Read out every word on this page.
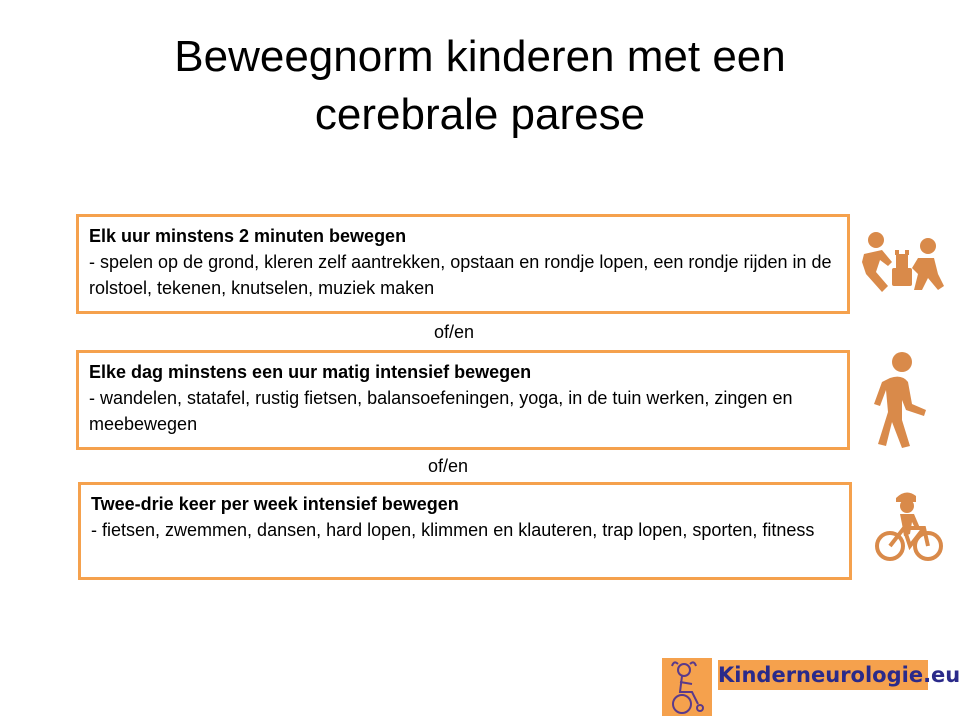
Beweegnorm kinderen met een cerebrale parese
Elk uur minstens 2 minuten bewegen
- spelen op de grond, kleren zelf aantrekken, opstaan en rondje lopen, een rondje rijden in de rolstoel, tekenen, knutselen, muziek maken
of/en
Elke dag minstens een uur matig intensief bewegen
- wandelen, statafel, rustig fietsen, balansoefeningen, yoga, in de tuin werken, zingen en meebewegen
of/en
Twee-drie keer per week intensief bewegen
- fietsen, zwemmen, dansen, hard lopen, klimmen en klauteren, trap lopen, sporten, fitness
Kinderneurologie.eu
